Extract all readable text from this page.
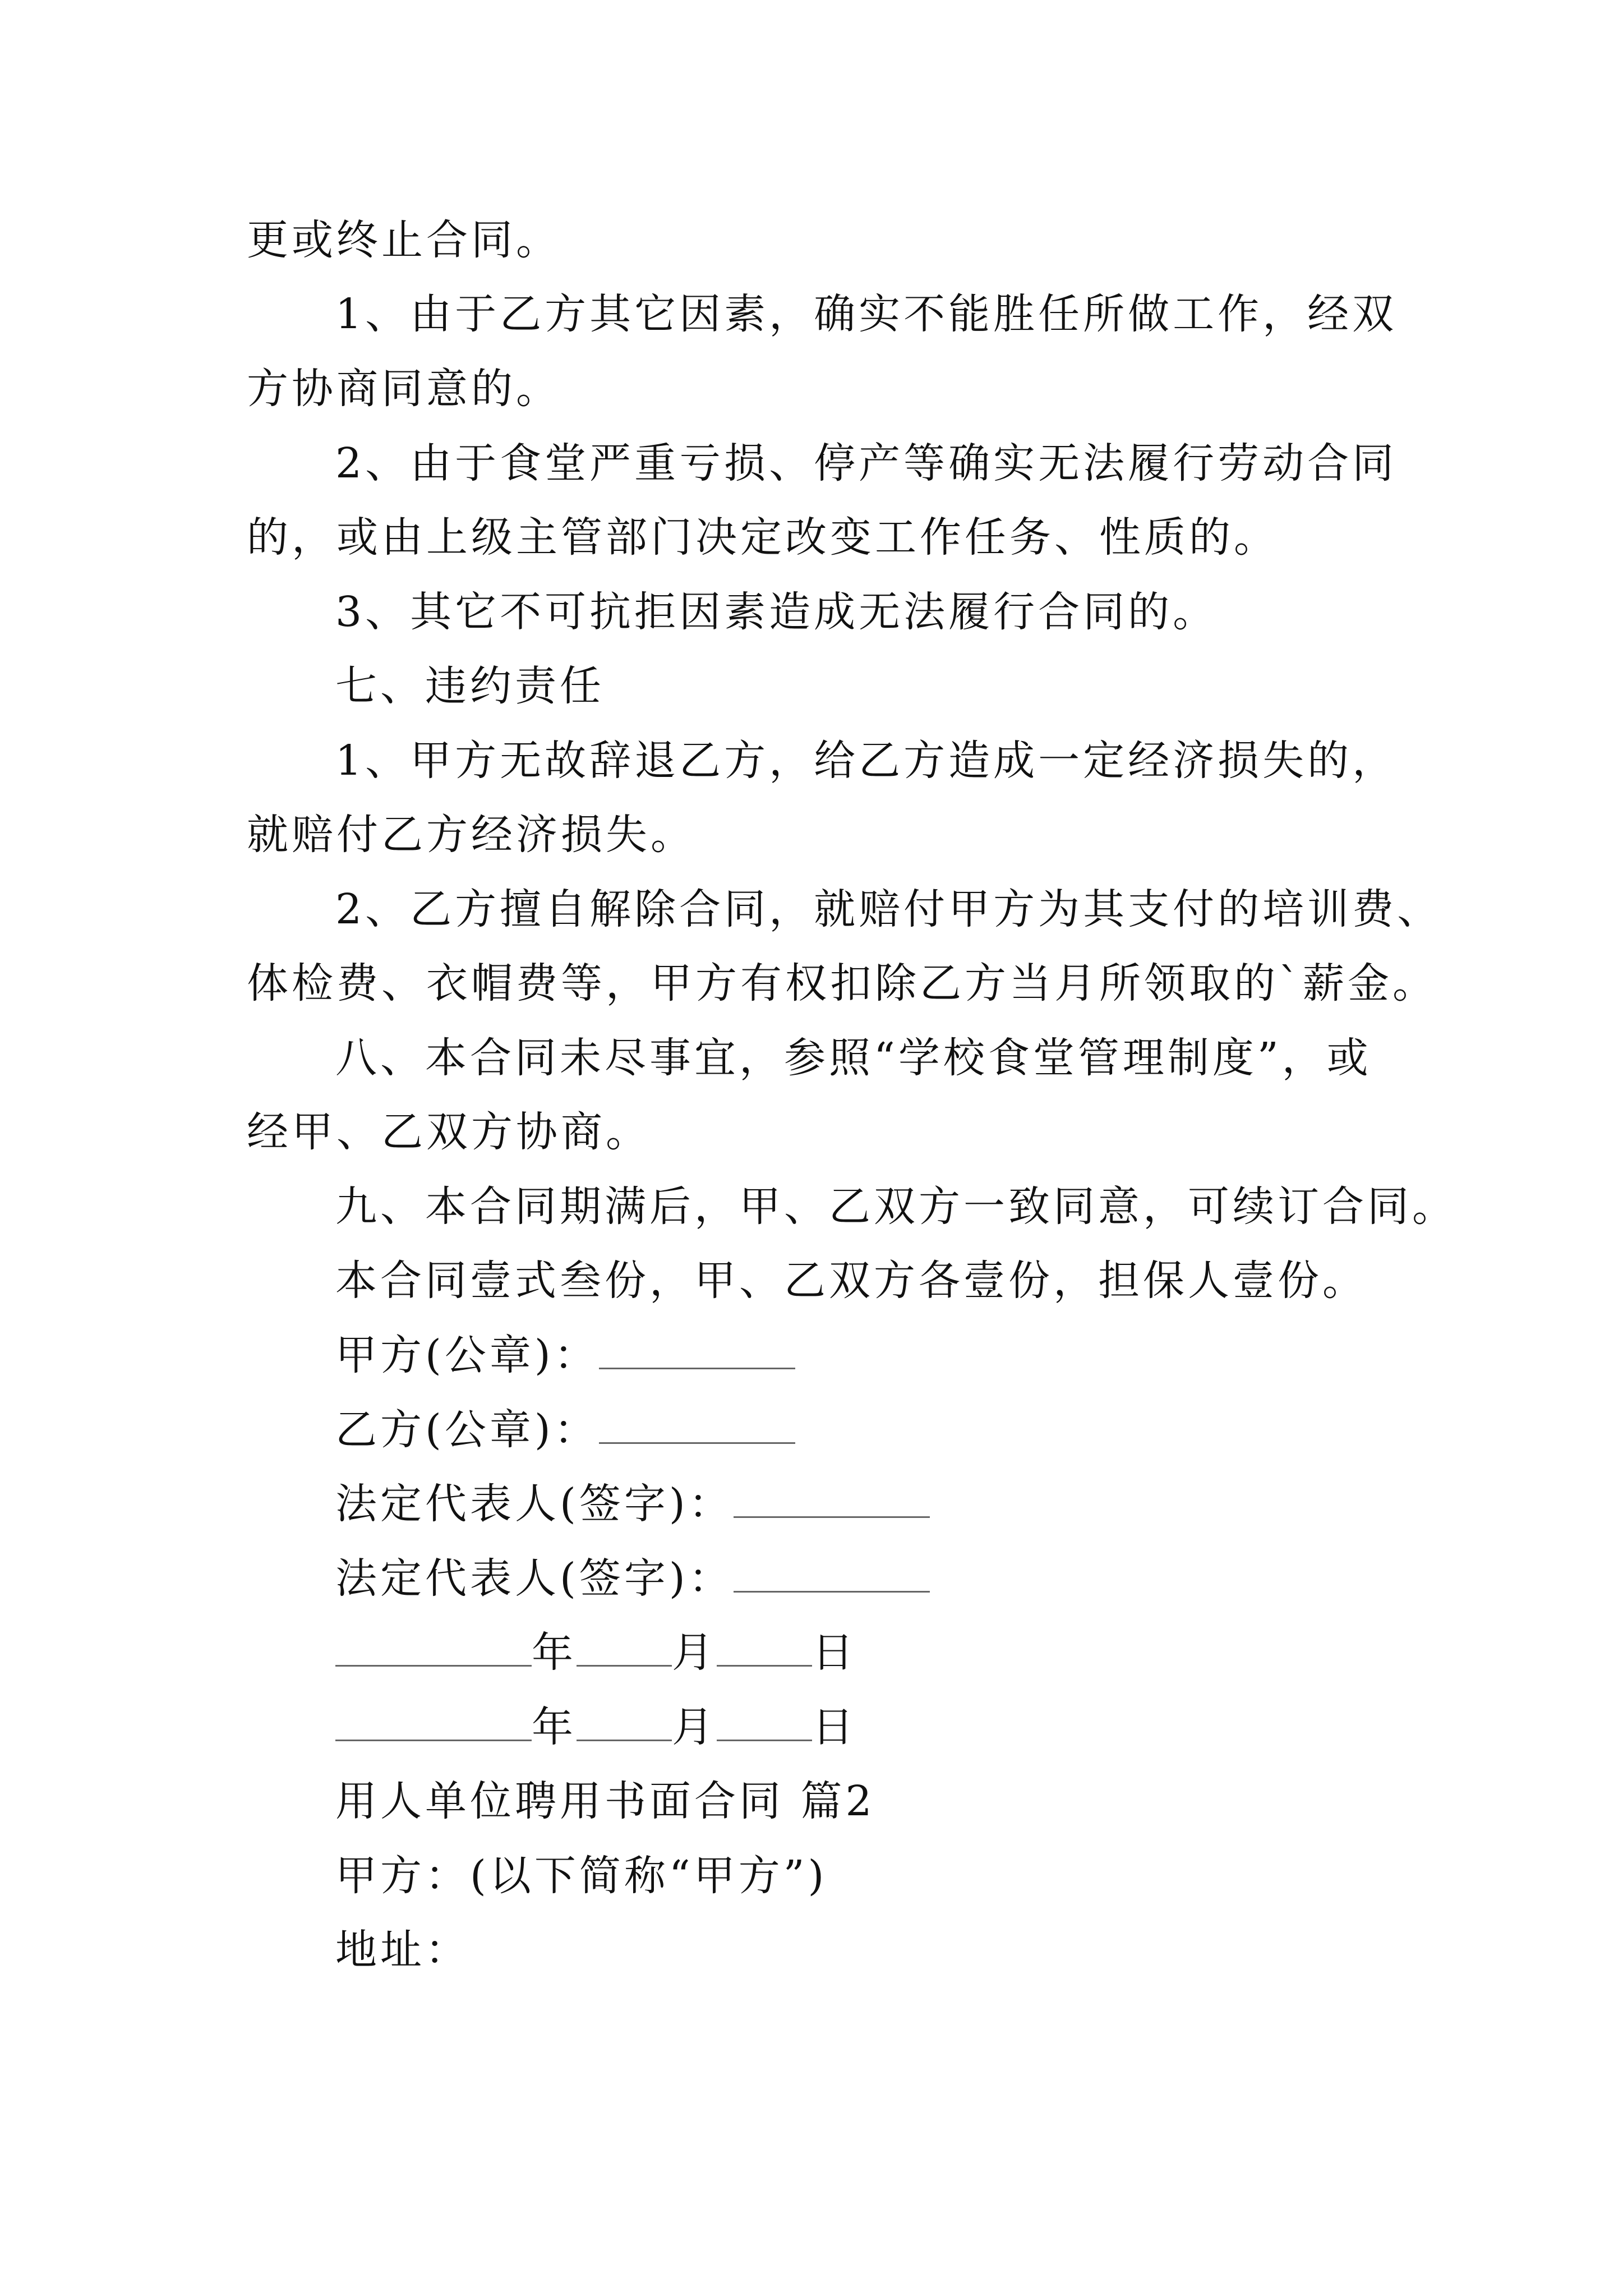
更或终止合同。
1、由于乙方其它因素，确实不能胜任所做工作，经双
方协商同意的。
2、由于食堂严重亏损、停产等确实无法履行劳动合同
的，或由上级主管部门决定改变工作任务、性质的。
3、其它不可抗拒因素造成无法履行合同的。
七、违约责任
1、甲方无故辞退乙方，给乙方造成一定经济损失的，
就赔付乙方经济损失。
2、乙方擅自解除合同，就赔付甲方为其支付的培训费、
体检费、衣帽费等，甲方有权扣除乙方当月所领取的`薪金。
八、本合同未尽事宜，参照“学校食堂管理制度”，或
经甲、乙双方协商。
九、本合同期满后，甲、乙双方一致同意，可续订合同。
本合同壹式叁份，甲、乙双方各壹份，担保人壹份。
甲方(公章)：
乙方(公章)：
法定代表人(签字)：
法定代表人(签字)：
年 月 日
年 月 日
用人单位聘用书面合同 篇2
甲方：(以下简称“甲方”)
地址：
